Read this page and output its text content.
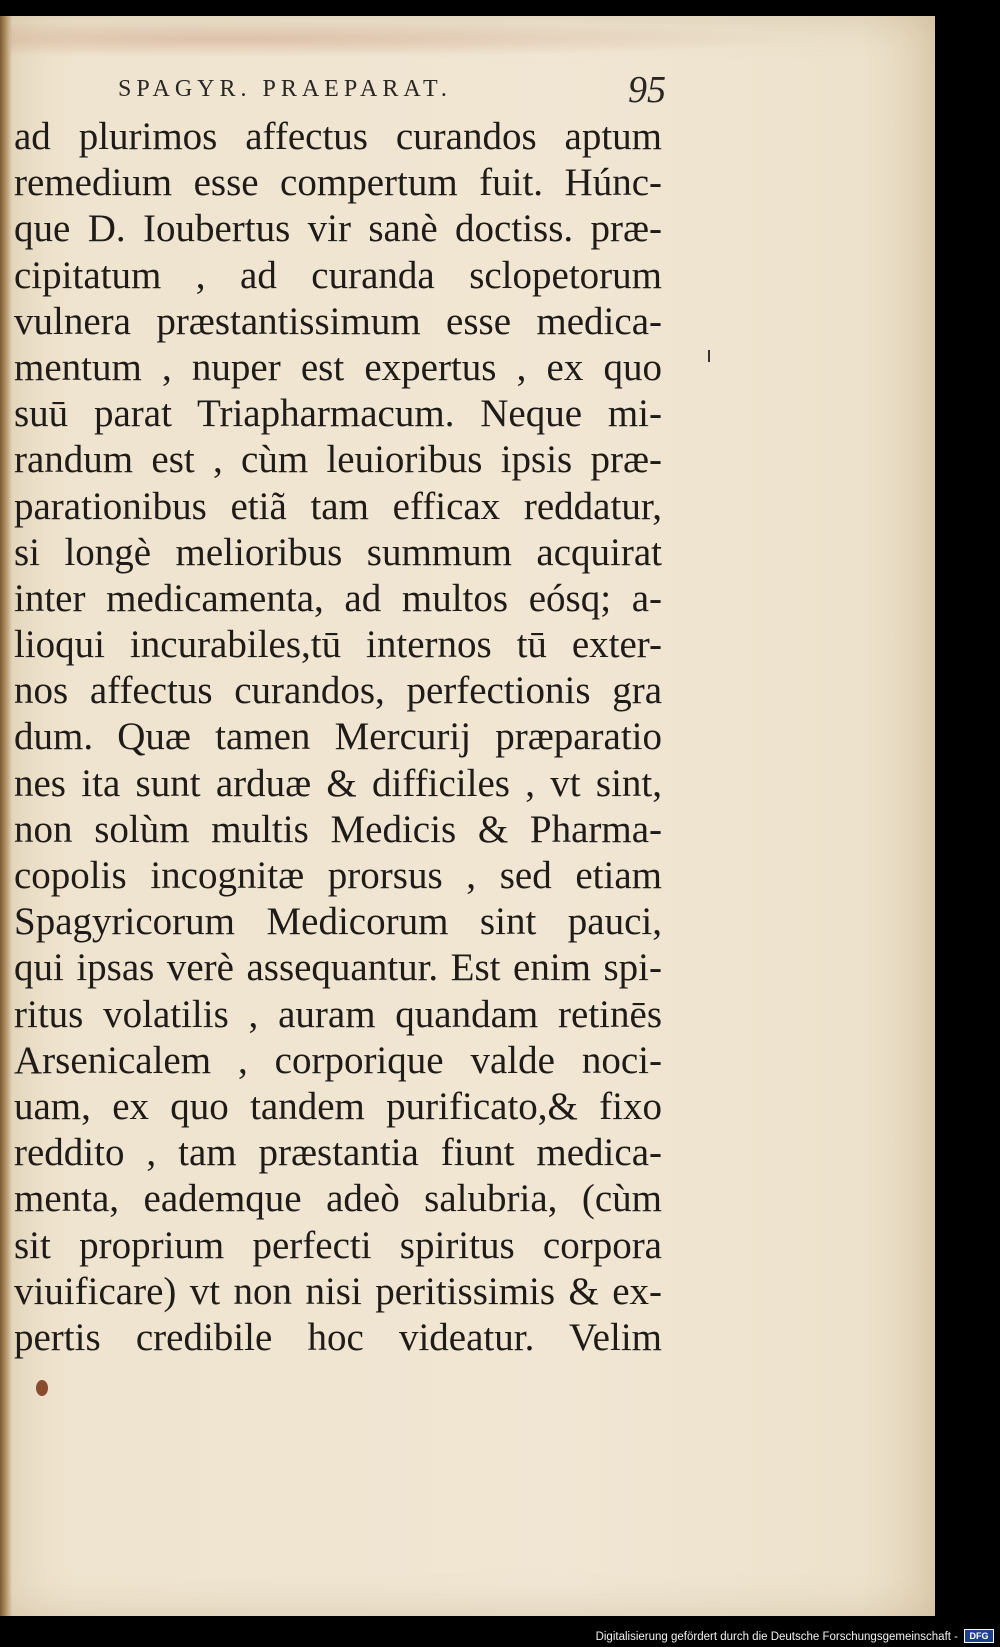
SPAGYR. PRAEPARAT.	95
ad plurimos affectus curandos aptum
remedium esse compertum fuit. Húnc-
que D. Ioubertus vir sanè doctiss. præ-
cipitatum , ad curanda sclopetorum
vulnera præstantissimum esse medica-
mentum , nuper est expertus , ex quo
suū parat Triapharmacum. Neque mi-
randum est , cùm leuioribus ipsis præ-
parationibus etiã tam efficax reddatur,
si longè melioribus summum acquirat
inter medicamenta, ad multos eósq; a-
lioqui incurabiles,tū internos tū exter-
nos affectus curandos, perfectionis gra
dum. Quæ tamen Mercurij præparatio
nes ita sunt arduæ & difficiles , vt sint,
non solùm multis Medicis & Pharma-
copolis incognitæ prorsus , sed etiam
Spagyricorum Medicorum sint pauci,
qui ipsas verè assequantur. Est enim spi-
ritus volatilis , auram quandam retinēs
Arsenicalem , corporique valde noci-
uam, ex quo tandem purificato,& fixo
reddito , tam præstantia fiunt medica-
menta, eademque adeò salubria, (cùm
sit proprium perfecti spiritus corpora
viuificare) vt non nisi peritissimis & ex-
pertis credibile hoc videatur. Velim
Digitalisierung gefördert durch die Deutsche Forschungsgemeinschaft -	DFG
